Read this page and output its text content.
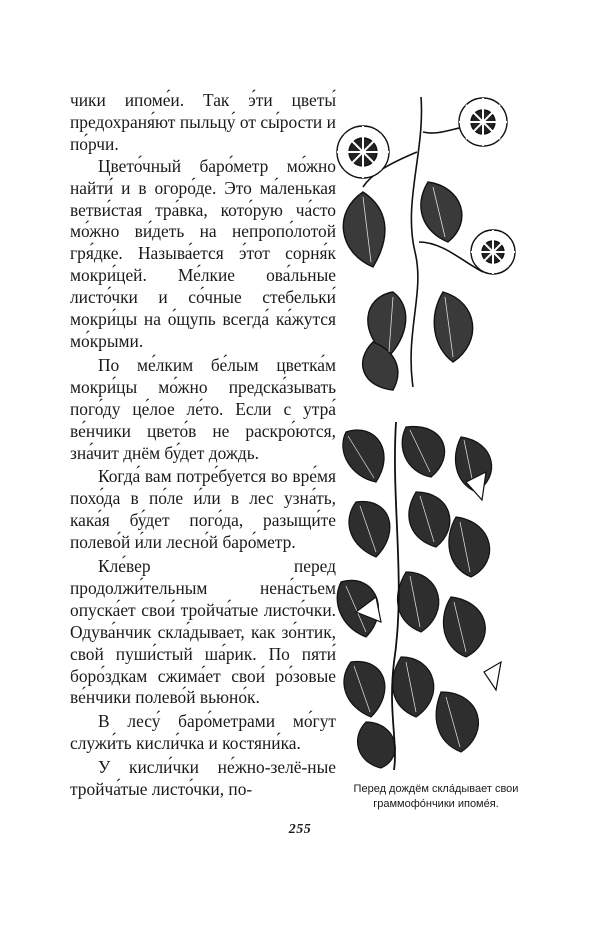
чики ипоме́и. Так э́ти цветы́ предохраня́ют пыльцу́ от сы́рости и по́рчи.

Цвето́чный баро́метр мо́жно найти́ и в огоро́де. Это ма́ленькая ветви́стая тра́вка, кото́рую ча́сто мо́жно ви́деть на непропо́лотой гря́дке. Называ́ется э́тот сорня́к мокри́цей. Ме́лкие ова́льные листо́чки и со́чные стебельки́ мокри́цы на о́щупь всегда́ ка́жутся мо́крыми.

По ме́лким бе́лым цветка́м мокри́цы мо́жно предска́зывать пого́ду це́лое ле́то. Если с утра́ ве́нчики цвето́в не раскро́ются, зна́чит днём бу́дет дождь.

Когда́ вам потре́буется во вре́мя похо́да в по́ле и́ли в лес узна́ть, кака́я бу́дет пого́да, разыщи́те полево́й и́ли лесно́й баро́метр.

Кле́вер перед продолжи́тельным нена́стьем опуска́ет свои́ тройча́тые листо́чки. Одува́нчик скла́дывает, как зо́нтик, свой пуши́стый ша́рик. По пяти́ боро́здкам сжима́ет свои́ ро́зовые ве́нчики полево́й вьюно́к.

В лесу́ баро́метрами мо́гут служи́ть кисли́чка и костяни́ка.

У кисли́чки не́жно-зелё-ные тройча́тые листо́чки, по-	Перед дождём скла́дывает свои граммофо́нчики ипоме́я.
255
